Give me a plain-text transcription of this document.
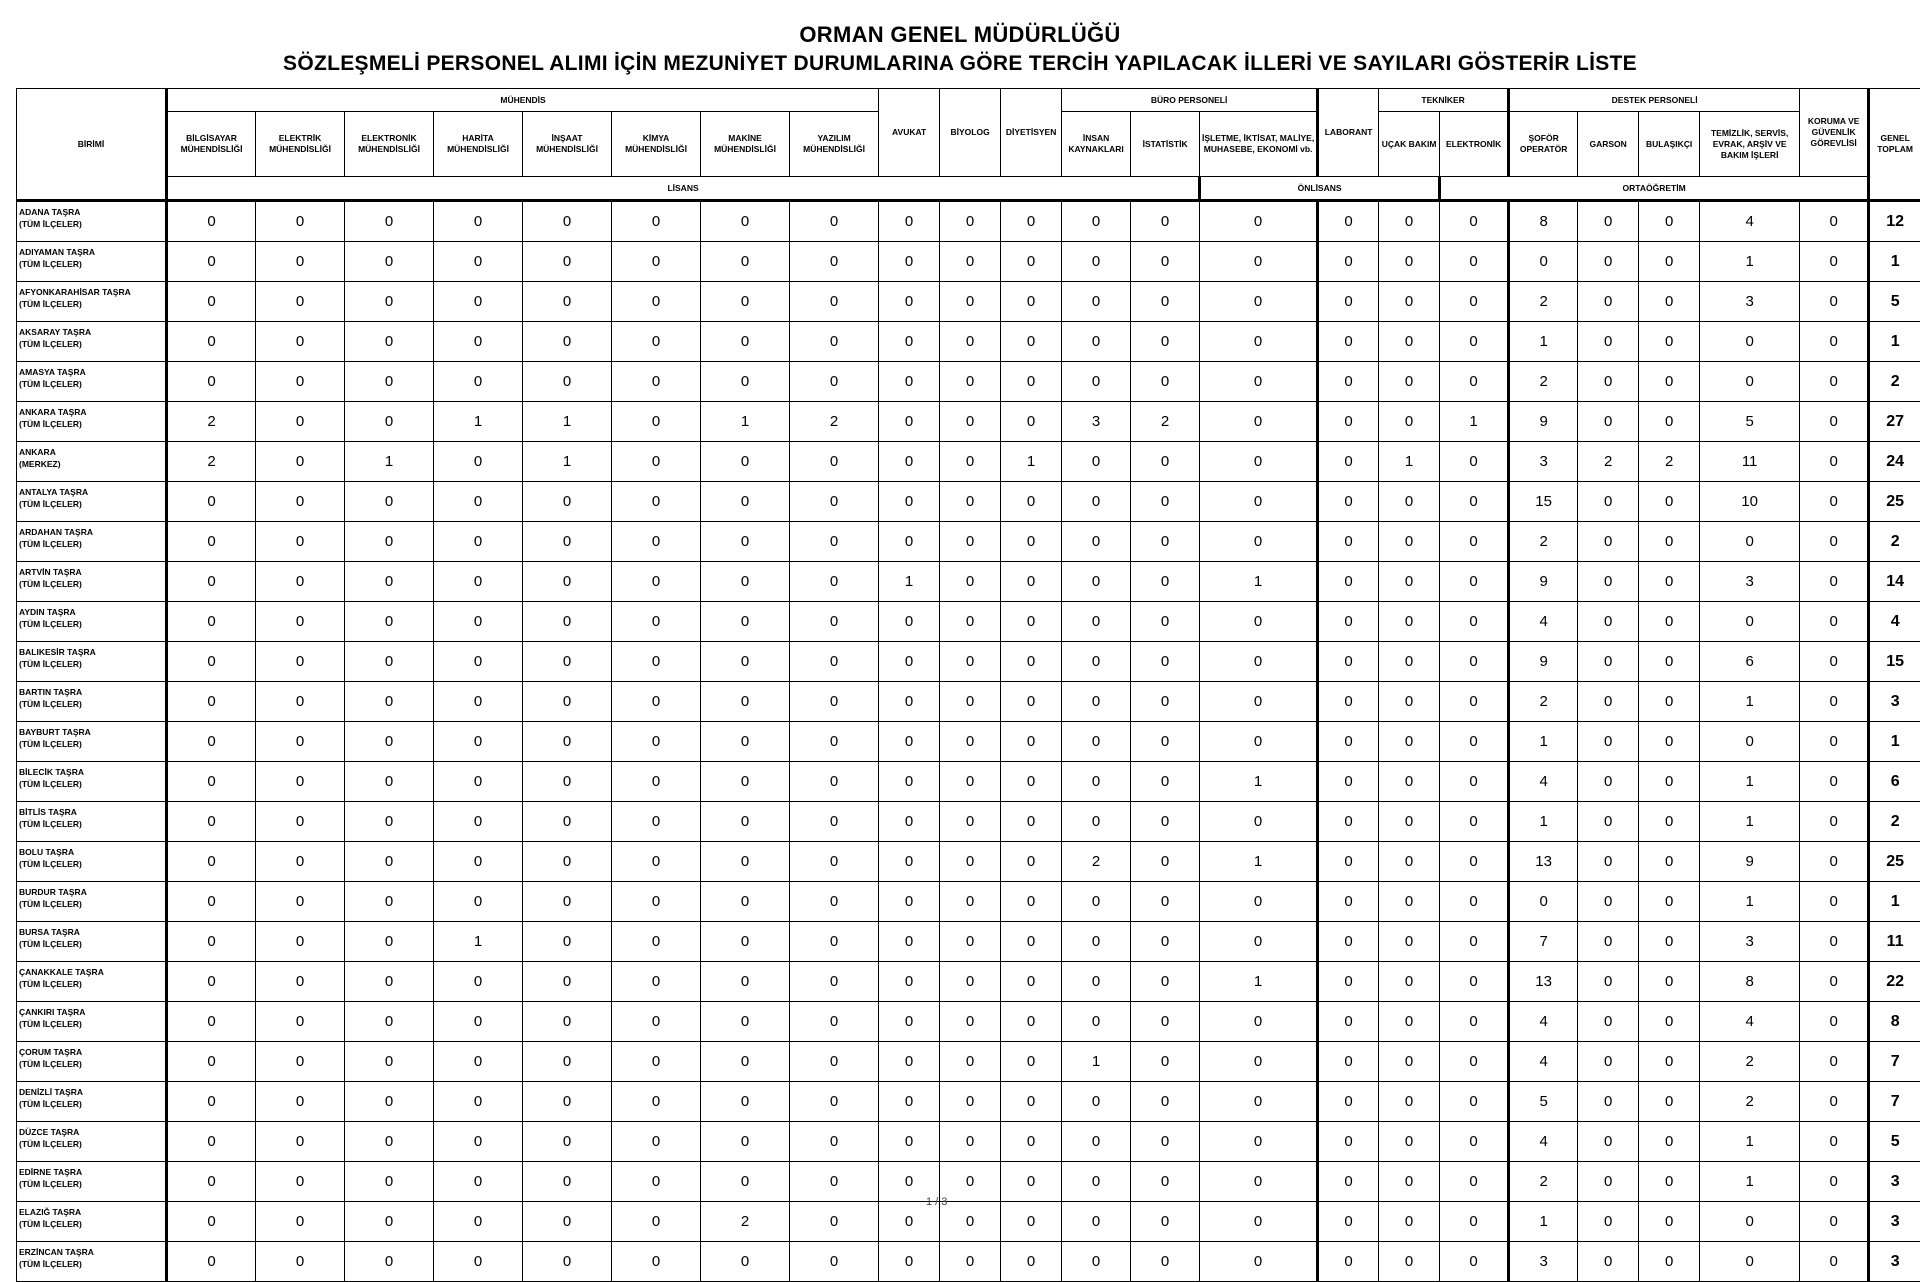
ORMAN GENEL MÜDÜRLÜĞÜ
SÖZLEŞMELİ PERSONEL ALIMI İÇİN MEZUNİYET DURUMLARINA GÖRE TERCİH YAPILACAK İLLERİ VE SAYILARI GÖSTERİR LİSTE
BİRİMİ	MÜHENDİS								AVUKAT	BİYOLOG	DİYETİSYEN	BÜRO PERSONELİ			LABORANT	TEKNİKER		DESTEK PERSONELİ				KORUMA VE GÜVENLİK GÖREVLİSİ	GENEL TOPLAM
	BİLGİSAYAR MÜHENDİSLİĞİ	ELEKTRİK MÜHENDİSLİĞİ	ELEKTRONİK MÜHENDİSLİĞİ	HARİTA MÜHENDİSLİĞİ	İNŞAAT MÜHENDİSLİĞİ	KİMYA MÜHENDİSLİĞİ	MAKİNE MÜHENDİSLİĞİ	YAZILIM MÜHENDİSLİĞİ				İNSAN KAYNAKLARI	İSTATİSTİK	İŞLETME, İKTİSAT, MALİYE, MUHASEBE, EKONOMİ vb.		UÇAK BAKIM	ELEKTRONİK	ŞOFÖR OPERATÖR	GARSON	BULAŞIKÇI	TEMİZLİK, SERVİS, EVRAK, ARŞİV VE BAKIM İŞLERİ		
	LİSANS													ÖNLİSANS			ORTAÖĞRETİM						

ADANA TAŞRA
(TÜM İLÇELER)	0	0	0	0	0	0	0	0	0	0	0	0	0	0	0	0	0	8	0	0	4	0	12

ADIYAMAN TAŞRA
(TÜM İLÇELER)	0	0	0	0	0	0	0	0	0	0	0	0	0	0	0	0	0	0	0	0	1	0	1

AFYONKARAHİSAR TAŞRA
(TÜM İLÇELER)	0	0	0	0	0	0	0	0	0	0	0	0	0	0	0	0	0	2	0	0	3	0	5

AKSARAY TAŞRA
(TÜM İLÇELER)	0	0	0	0	0	0	0	0	0	0	0	0	0	0	0	0	0	1	0	0	0	0	1

AMASYA TAŞRA
(TÜM İLÇELER)	0	0	0	0	0	0	0	0	0	0	0	0	0	0	0	0	0	2	0	0	0	0	2

ANKARA TAŞRA
(TÜM İLÇELER)	2	0	0	1	1	0	1	2	0	0	0	3	2	0	0	0	1	9	0	0	5	0	27

ANKARA
(MERKEZ)	2	0	1	0	1	0	0	0	0	0	1	0	0	0	0	1	0	3	2	2	11	0	24

ANTALYA TAŞRA
(TÜM İLÇELER)	0	0	0	0	0	0	0	0	0	0	0	0	0	0	0	0	0	15	0	0	10	0	25

ARDAHAN TAŞRA
(TÜM İLÇELER)	0	0	0	0	0	0	0	0	0	0	0	0	0	0	0	0	0	2	0	0	0	0	2

ARTVİN TAŞRA
(TÜM İLÇELER)	0	0	0	0	0	0	0	0	1	0	0	0	0	1	0	0	0	9	0	0	3	0	14

AYDIN TAŞRA
(TÜM İLÇELER)	0	0	0	0	0	0	0	0	0	0	0	0	0	0	0	0	0	4	0	0	0	0	4

BALIKESİR TAŞRA
(TÜM İLÇELER)	0	0	0	0	0	0	0	0	0	0	0	0	0	0	0	0	0	9	0	0	6	0	15

BARTIN TAŞRA
(TÜM İLÇELER)	0	0	0	0	0	0	0	0	0	0	0	0	0	0	0	0	0	2	0	0	1	0	3

BAYBURT TAŞRA
(TÜM İLÇELER)	0	0	0	0	0	0	0	0	0	0	0	0	0	0	0	0	0	1	0	0	0	0	1

BİLECİK TAŞRA
(TÜM İLÇELER)	0	0	0	0	0	0	0	0	0	0	0	0	0	1	0	0	0	4	0	0	1	0	6

BİTLİS TAŞRA
(TÜM İLÇELER)	0	0	0	0	0	0	0	0	0	0	0	0	0	0	0	0	0	1	0	0	1	0	2

BOLU TAŞRA
(TÜM İLÇELER)	0	0	0	0	0	0	0	0	0	0	0	2	0	1	0	0	0	13	0	0	9	0	25

BURDUR TAŞRA
(TÜM İLÇELER)	0	0	0	0	0	0	0	0	0	0	0	0	0	0	0	0	0	0	0	0	1	0	1

BURSA TAŞRA
(TÜM İLÇELER)	0	0	0	1	0	0	0	0	0	0	0	0	0	0	0	0	0	7	0	0	3	0	11

ÇANAKKALE TAŞRA
(TÜM İLÇELER)	0	0	0	0	0	0	0	0	0	0	0	0	0	1	0	0	0	13	0	0	8	0	22

ÇANKIRI TAŞRA
(TÜM İLÇELER)	0	0	0	0	0	0	0	0	0	0	0	0	0	0	0	0	0	4	0	0	4	0	8

ÇORUM TAŞRA
(TÜM İLÇELER)	0	0	0	0	0	0	0	0	0	0	0	1	0	0	0	0	0	4	0	0	2	0	7

DENİZLİ TAŞRA
(TÜM İLÇELER)	0	0	0	0	0	0	0	0	0	0	0	0	0	0	0	0	0	5	0	0	2	0	7

DÜZCE TAŞRA
(TÜM İLÇELER)	0	0	0	0	0	0	0	0	0	0	0	0	0	0	0	0	0	4	0	0	1	0	5

EDİRNE TAŞRA
(TÜM İLÇELER)	0	0	0	0	0	0	0	0	0	0	0	0	0	0	0	0	0	2	0	0	1	0	3

ELAZIĞ TAŞRA
(TÜM İLÇELER)	0	0	0	0	0	0	2	0	0	0	0	0	0	0	0	0	0	1	0	0	0	0	3

ERZİNCAN TAŞRA
(TÜM İLÇELER)	0	0	0	0	0	0	0	0	0	0	0	0	0	0	0	0	0	3	0	0	0	0	3
1 / 3
